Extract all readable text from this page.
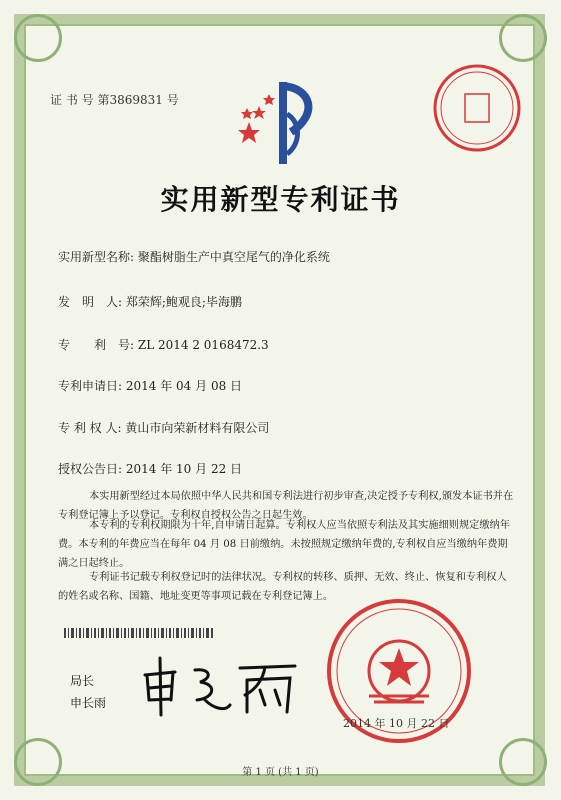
证 书 号 第3869831 号
实用新型专利证书
实用新型名称: 聚酯树脂生产中真空尾气的净化系统
发　明　人: 郑荣辉;鲍观良;毕海鹏
专　　利　号: ZL 2014 2 0168472.3
专利申请日: 2014 年 04 月 08 日
专 利 权 人: 黄山市向荣新材料有限公司
授权公告日: 2014 年 10 月 22 日

本实用新型经过本局依照中华人民共和国专利法进行初步审查,决定授予专利权,颁发本证书并在专利登记簿上予以登记。专利权自授权公告之日起生效。

本专利的专利权期限为十年,自申请日起算。专利权人应当依照专利法及其实施细则规定缴纳年费。本专利的年费应当在每年 04 月 08 日前缴纳。未按照规定缴纳年费的,专利权自应当缴纳年费期满之日起终止。

专利证书记载专利权登记时的法律状况。专利权的转移、质押、无效、终止、恢复和专利权人的姓名或名称、国籍、地址变更等事项记载在专利登记簿上。

局长
申长雨
2014 年 10 月 22 日
第 1 页 (共 1 页)
